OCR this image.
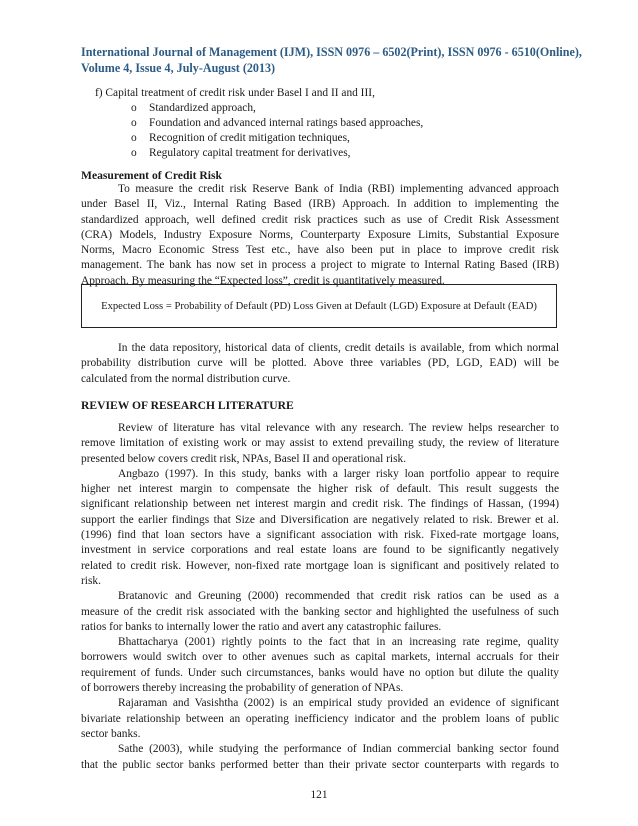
International Journal of Management (IJM), ISSN 0976 – 6502(Print), ISSN 0976 - 6510(Online),
Volume 4, Issue 4, July-August (2013)
f) Capital treatment of credit risk under Basel I and II and III,
o Standardized approach,
o Foundation and advanced internal ratings based approaches,
o Recognition of credit mitigation techniques,
o Regulatory capital treatment for derivatives,
Measurement of Credit Risk
To measure the credit risk Reserve Bank of India (RBI) implementing advanced approach
under Basel II, Viz., Internal Rating Based (IRB) Approach. In addition to implementing the
standardized approach, well defined credit risk practices such as use of Credit Risk Assessment
(CRA) Models, Industry Exposure Norms, Counterparty Exposure Limits, Substantial Exposure
Norms, Macro Economic Stress Test etc., have also been put in place to improve credit risk
management. The bank has now set in process a project to migrate to Internal Rating Based (IRB)
Approach. By measuring the “Expected loss”, credit is quantitatively measured.
Expected Loss = Probability of Default (PD) Loss Given at Default (LGD) Exposure at Default (EAD)
In the data repository, historical data of clients, credit details is available, from which normal
probability distribution curve will be plotted. Above three variables (PD, LGD, EAD) will be
calculated from the normal distribution curve.
REVIEW OF RESEARCH LITERATURE
Review of literature has vital relevance with any research. The review helps researcher to
remove limitation of existing work or may assist to extend prevailing study, the review of literature
presented below covers credit risk, NPAs, Basel II and operational risk.
Angbazo (1997). In this study, banks with a larger risky loan portfolio appear to require
higher net interest margin to compensate the higher risk of default. This result suggests the
significant relationship between net interest margin and credit risk. The findings of Hassan, (1994)
support the earlier findings that Size and Diversification are negatively related to risk. Brewer et al.
(1996) find that loan sectors have a significant association with risk. Fixed-rate mortgage loans,
investment in service corporations and real estate loans are found to be significantly negatively
related to credit risk. However, non-fixed rate mortgage loan is significant and positively related to
risk.
Bratanovic and Greuning (2000) recommended that credit risk ratios can be used as a
measure of the credit risk associated with the banking sector and highlighted the usefulness of such
ratios for banks to internally lower the ratio and avert any catastrophic failures.
Bhattacharya (2001) rightly points to the fact that in an increasing rate regime, quality
borrowers would switch over to other avenues such as capital markets, internal accruals for their
requirement of funds. Under such circumstances, banks would have no option but dilute the quality
of borrowers thereby increasing the probability of generation of NPAs.
Rajaraman and Vasishtha (2002) is an empirical study provided an evidence of significant
bivariate relationship between an operating inefficiency indicator and the problem loans of public
sector banks.
Sathe (2003), while studying the performance of Indian commercial banking sector found
that the public sector banks performed better than their private sector counterparts with regards to
121
